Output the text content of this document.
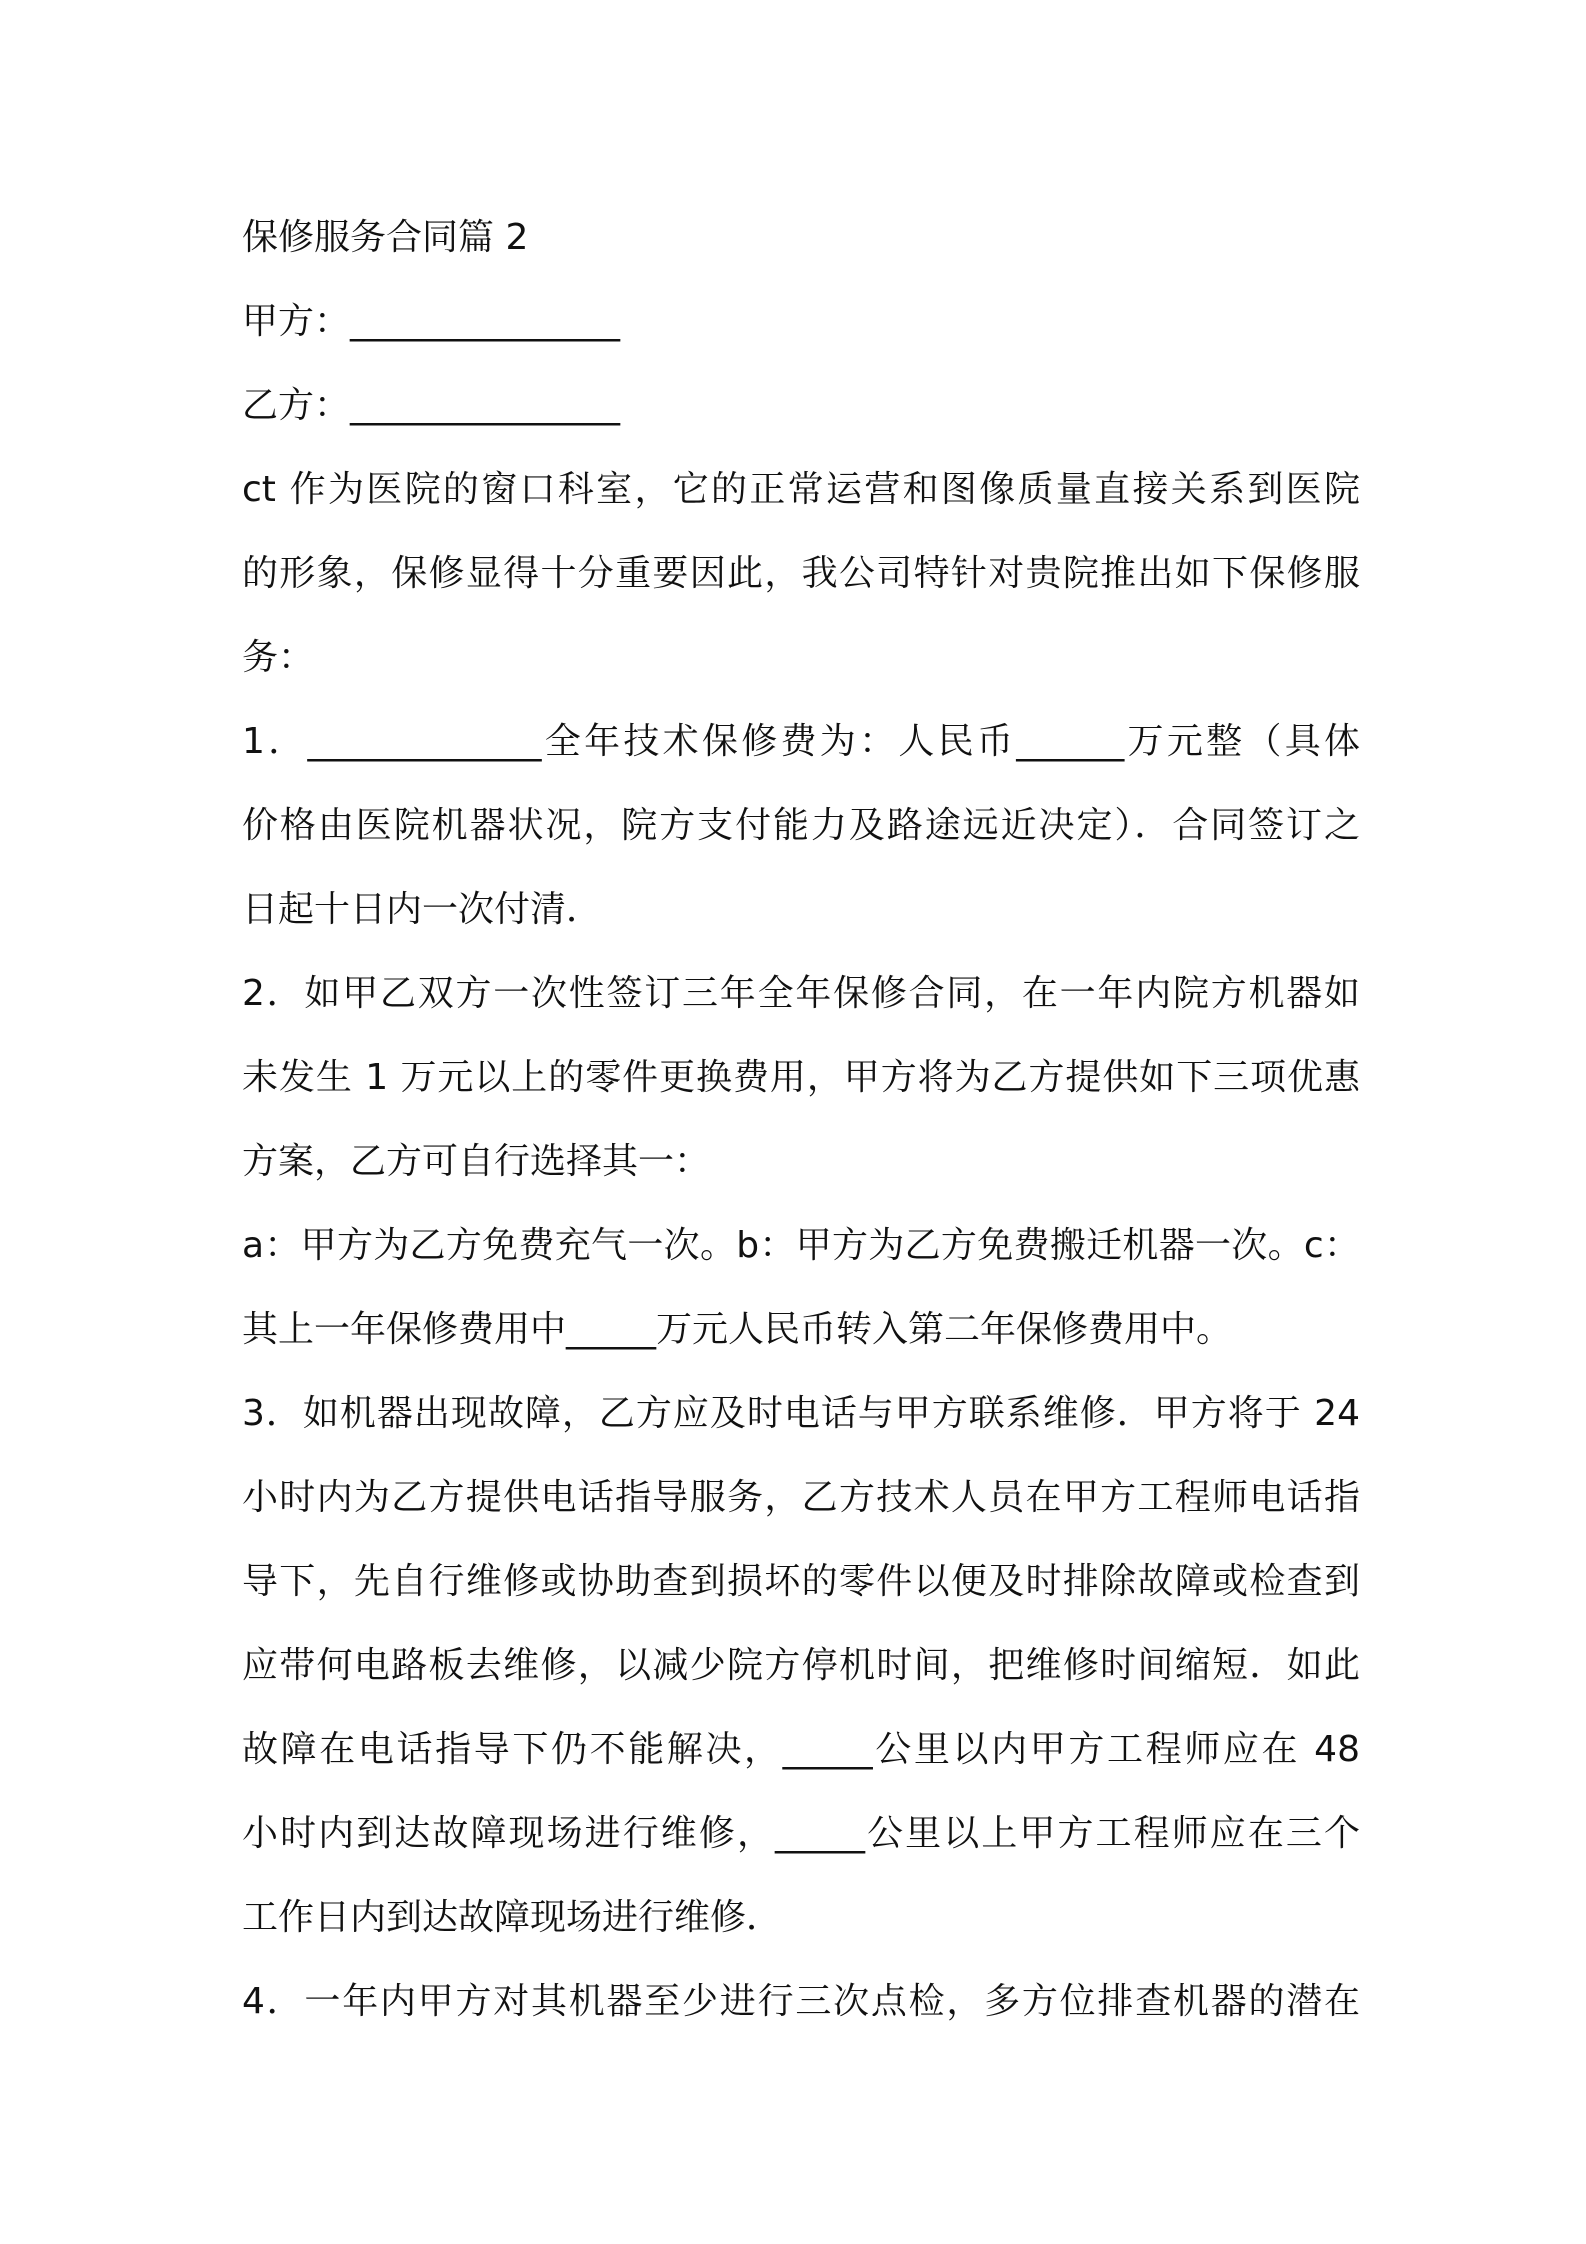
保修服务合同篇 2
甲方：_______________
乙方：_______________
ct 作为医院的窗口科室，它的正常运营和图像质量直接关系到医院
的形象，保修显得十分重要因此，我公司特针对贵院推出如下保修服
务：
1．_____________全年技术保修费为：人民币______万元整（具体
价格由医院机器状况，院方支付能力及路途远近决定）．合同签订之
日起十日内一次付清．
2．如甲乙双方一次性签订三年全年保修合同，在一年内院方机器如
未发生 1 万元以上的零件更换费用，甲方将为乙方提供如下三项优惠
方案，乙方可自行选择其一：
a：甲方为乙方免费充气一次。b：甲方为乙方免费搬迁机器一次。c：
其上一年保修费用中_____万元人民币转入第二年保修费用中。
3．如机器出现故障，乙方应及时电话与甲方联系维修．甲方将于 24
小时内为乙方提供电话指导服务，乙方技术人员在甲方工程师电话指
导下，先自行维修或协助查到损坏的零件以便及时排除故障或检查到
应带何电路板去维修，以减少院方停机时间，把维修时间缩短．如此
故障在电话指导下仍不能解决，_____公里以内甲方工程师应在 48
小时内到达故障现场进行维修，_____公里以上甲方工程师应在三个
工作日内到达故障现场进行维修．
4．一年内甲方对其机器至少进行三次点检，多方位排查机器的潜在
